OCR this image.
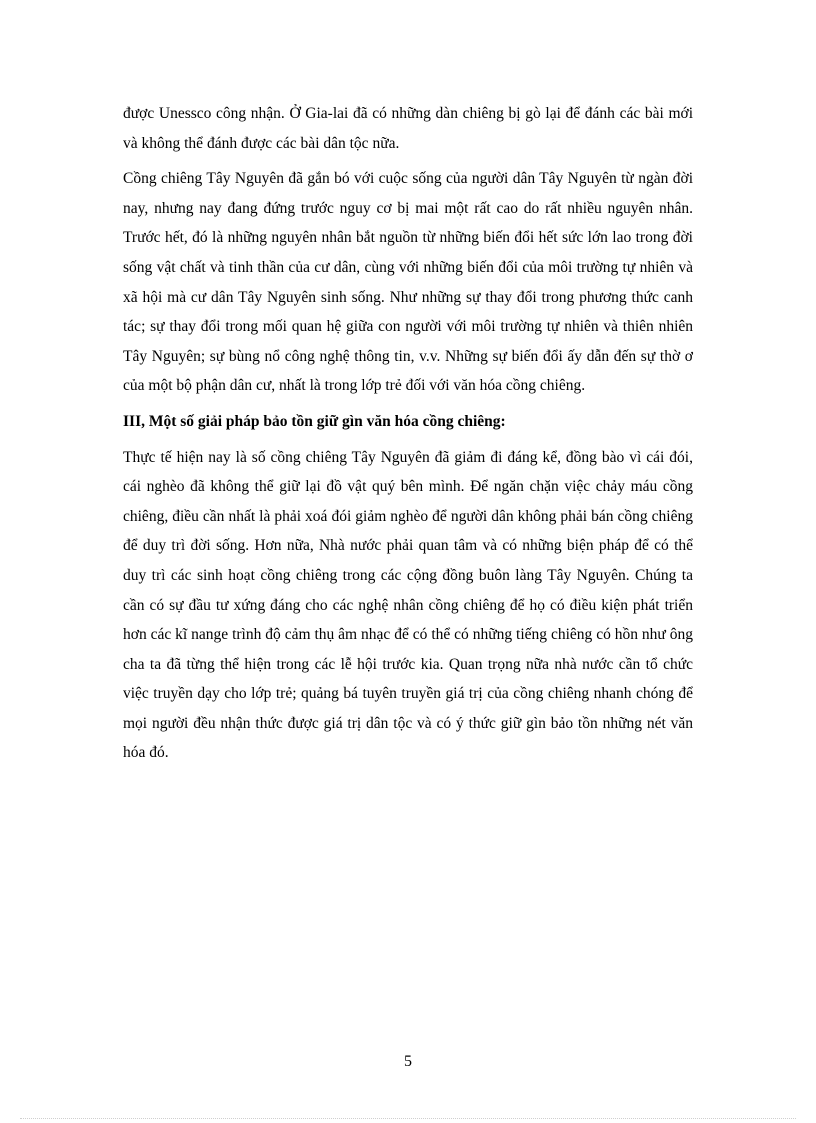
được Unessco công nhận. Ở Gia-lai đã có những dàn chiêng bị gò lại để đánh các bài mới và không thể đánh được các bài dân tộc nữa.

Cồng chiêng Tây Nguyên đã gắn bó với cuộc sống của người dân Tây Nguyên từ ngàn đời nay, nhưng nay đang đứng trước nguy cơ bị mai một rất cao do rất nhiều nguyên nhân. Trước hết, đó là những nguyên nhân bắt nguồn từ những biến đổi hết sức lớn lao trong đời sống vật chất và tinh thần của cư dân, cùng với những biến đổi của môi trường tự nhiên và xã hội mà cư dân Tây Nguyên sinh sống. Như những sự thay đổi trong phương thức canh tác; sự thay đổi trong mối quan hệ giữa con người với môi trường tự nhiên và thiên nhiên Tây Nguyên; sự bùng nổ công nghệ thông tin, v.v. Những sự biến đổi ấy dẫn đến sự thờ ơ của một bộ phận dân cư, nhất là trong lớp trẻ đối với văn hóa cồng chiêng.

III, Một số giải pháp bảo tồn giữ gìn văn hóa cồng chiêng:

Thực tế hiện nay là số cồng chiêng Tây Nguyên đã giảm đi đáng kể, đồng bào vì cái đói, cái nghèo đã không thể giữ lại đồ vật quý bên mình. Để ngăn chặn việc chảy máu cồng chiêng, điều cần nhất là phải xoá đói giảm nghèo để người dân không phải bán cồng chiêng để duy trì đời sống. Hơn nữa, Nhà nước phải quan tâm và có những biện pháp để có thể duy trì các sinh hoạt cồng chiêng trong các cộng đồng buôn làng Tây Nguyên. Chúng ta cần có sự đầu tư xứng đáng cho các nghệ nhân cồng chiêng để họ có điều kiện phát triển hơn các kĩ nange trình độ cảm thụ âm nhạc để có thể có những tiếng chiêng có hồn như ông cha ta đã từng thể hiện trong các lễ hội trước kia. Quan trọng nữa nhà nước cần tổ chức việc truyền dạy cho lớp trẻ; quảng bá tuyên truyền giá trị của cồng chiêng nhanh chóng để mọi người đều nhận thức được giá trị dân tộc và có ý thức giữ gìn bảo tồn những nét văn hóa đó.

5
